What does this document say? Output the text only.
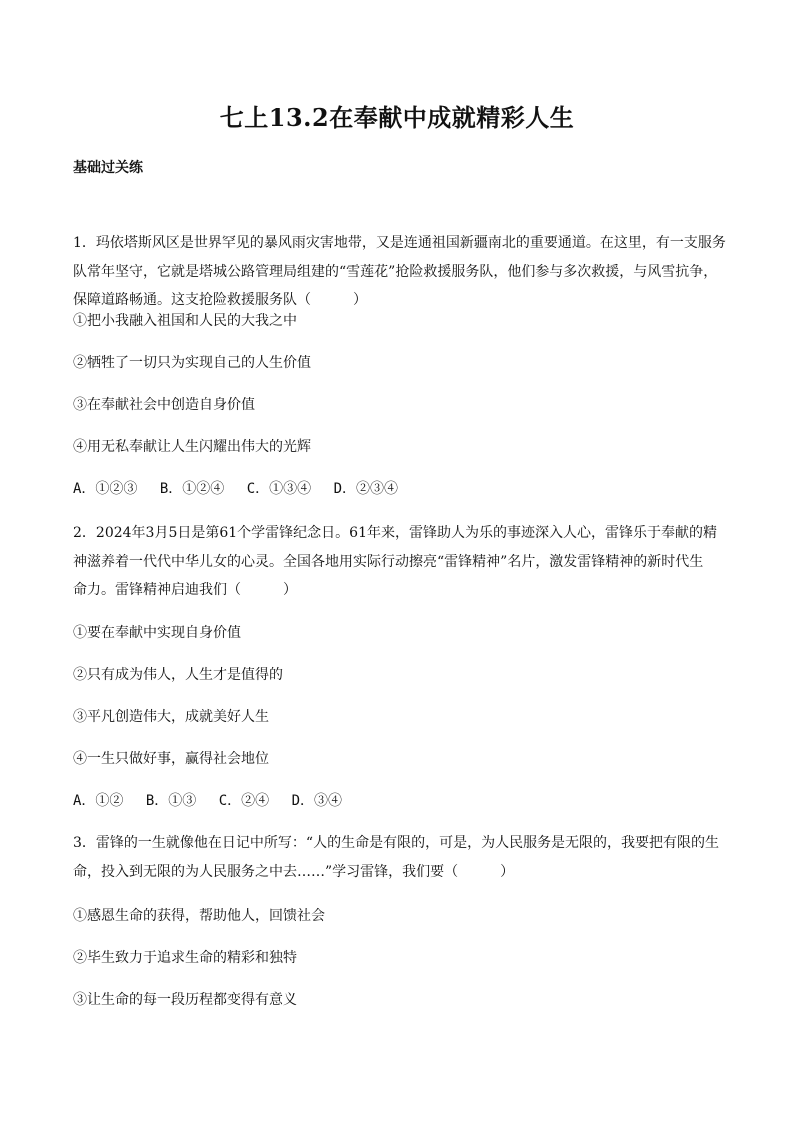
七上13.2在奉献中成就精彩人生
基础过关练
1．玛依塔斯风区是世界罕见的暴风雨灾害地带，又是连通祖国新疆南北的重要通道。在这里，有一支服务
队常年坚守，它就是塔城公路管理局组建的“雪莲花”抢险救援服务队，他们参与多次救援，与风雪抗争，
保障道路畅通。这支抢险救援服务队（　　　）
①把小我融入祖国和人民的大我之中
②牺牲了一切只为实现自己的人生价值
③在奉献社会中创造自身价值
④用无私奉献让人生闪耀出伟大的光辉
A．①②③　 B．①②④　 C．①③④　 D．②③④
2．2024年3月5日是第61个学雷锋纪念日。61年来，雷锋助人为乐的事迹深入人心，雷锋乐于奉献的精
神滋养着一代代中华儿女的心灵。全国各地用实际行动擦亮“雷锋精神”名片，激发雷锋精神的新时代生
命力。雷锋精神启迪我们（　　　）
①要在奉献中实现自身价值
②只有成为伟人，人生才是值得的
③平凡创造伟大，成就美好人生
④一生只做好事，赢得社会地位
A．①②　 B．①③　 C．②④　 D．③④
3．雷锋的一生就像他在日记中所写：“人的生命是有限的，可是，为人民服务是无限的，我要把有限的生
命，投入到无限的为人民服务之中去……”学习雷锋，我们要（　　　）
①感恩生命的获得，帮助他人，回馈社会
②毕生致力于追求生命的精彩和独特
③让生命的每一段历程都变得有意义
